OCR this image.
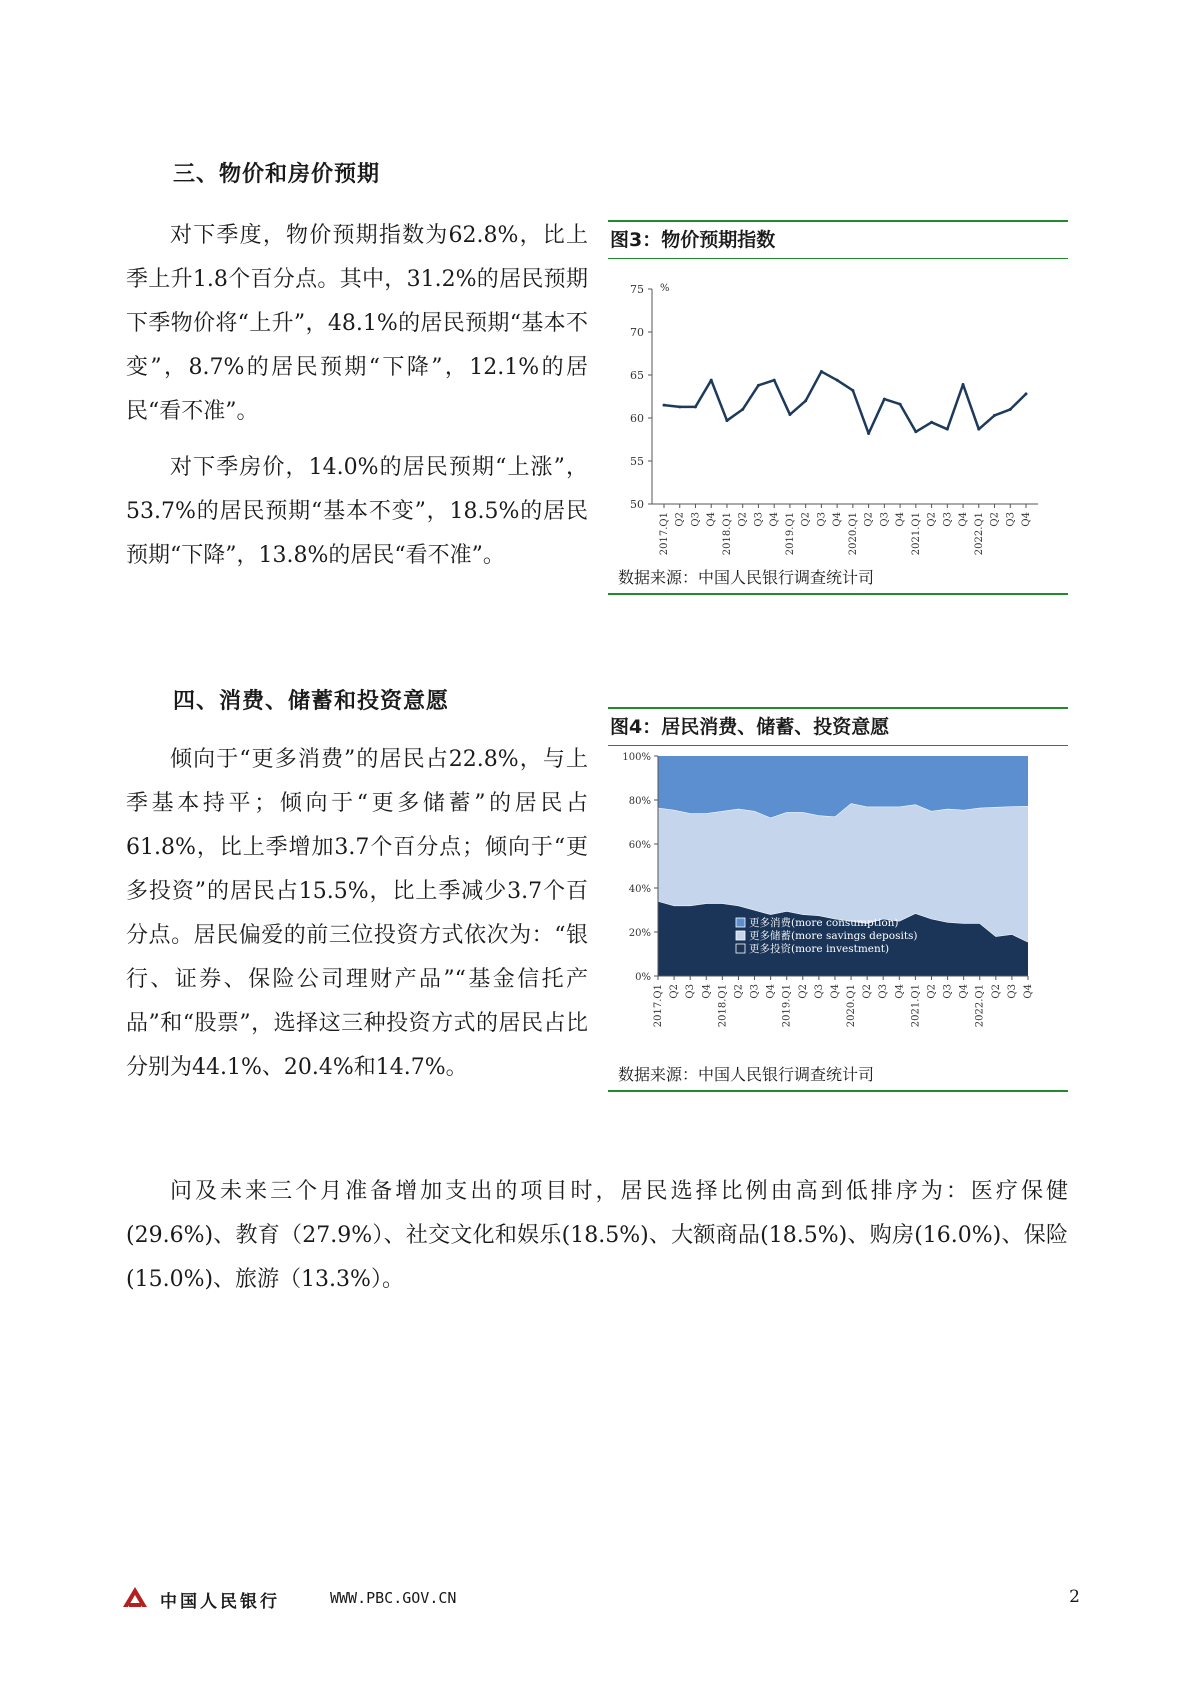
三、物价和房价预期

对下季度，物价预期指数为62.8%，比上季上升1.8个百分点。其中，31.2%的居民预期下季物价将“上升”，48.1%的居民预期“基本不变”，8.7%的居民预期“下降”，12.1%的居民“看不准”。

对下季房价，14.0%的居民预期“上涨”，53.7%的居民预期“基本不变”，18.5%的居民预期“下降”，13.8%的居民“看不准”。

图3：物价预期指数
%
75
70
65
60
55
50
2017.Q1 Q2 Q3 Q4 2018.Q1 Q2 Q3 Q4 2019.Q1 Q2 Q3 Q4 2020.Q1 Q2 Q3 Q4 2021.Q1 Q2 Q3 Q4 2022.Q1 Q2 Q3 Q4
数据来源：中国人民银行调查统计司
四、消费、储蓄和投资意愿

倾向于“更多消费”的居民占22.8%，与上季基本持平；倾向于“更多储蓄”的居民占61.8%，比上季增加3.7个百分点；倾向于“更多投资”的居民占15.5%，比上季减少3.7个百分点。居民偏爱的前三位投资方式依次为：“银行、证券、保险公司理财产品”“基金信托产品”和“股票”，选择这三种投资方式的居民占比分别为44.1%、20.4%和14.7%。

图4：居民消费、储蓄、投资意愿
100%
80%
60%
40%
20%
0%
2017.Q1 Q2 Q3 Q4 2018.Q1 Q2 Q3 Q4 2019.Q1 Q2 Q3 Q4 2020.Q1 Q2 Q3 Q4 2021.Q1 Q2 Q3 Q4 2022.Q1 Q2 Q3 Q4
更多消费(more consumption)
更多储蓄(more savings deposits)
更多投资(more investment)
数据来源：中国人民银行调查统计司

问及未来三个月准备增加支出的项目时，居民选择比例由高到低排序为：医疗保健(29.6%)、教育（27.9%）、社交文化和娱乐(18.5%)、大额商品(18.5%)、购房(16.0%)、保险(15.0%)、旅游（13.3%）。

中国人民银行	WWW.PBC.GOV.CN	2
